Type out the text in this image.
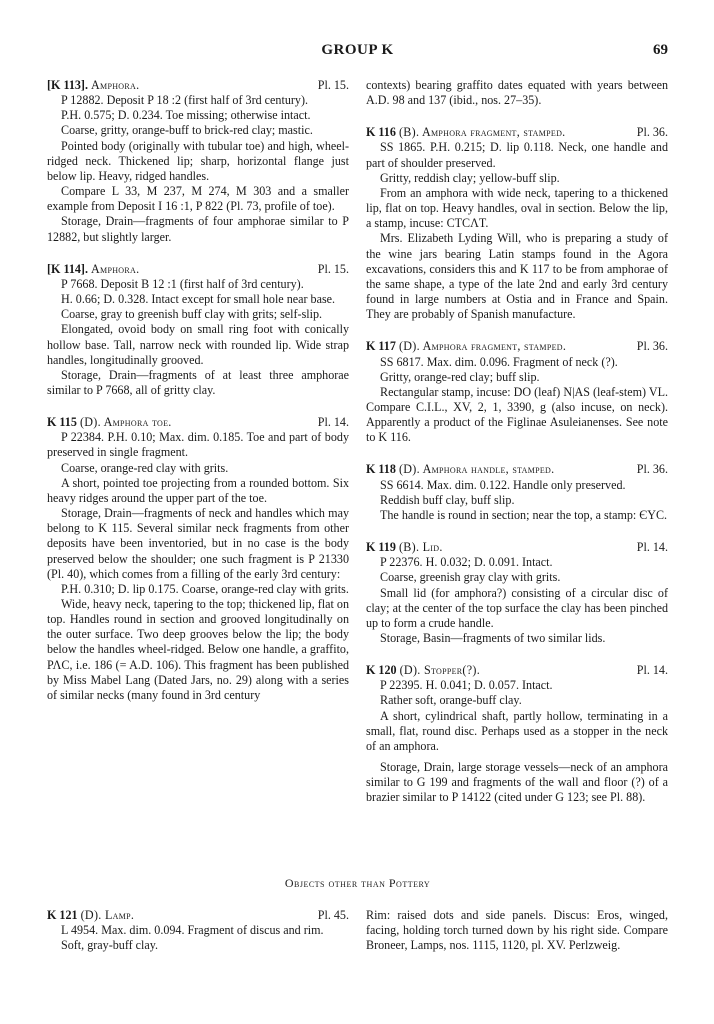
GROUP K	69
[K 113]. Amphora.	Pl. 15.

P 12882. Deposit P 18 :2 (first half of 3rd century).

P.H. 0.575; D. 0.234. Toe missing; otherwise intact.

Coarse, gritty, orange-buff to brick-red clay; mastic.

Pointed body (originally with tubular toe) and high, wheel-ridged neck. Thickened lip; sharp, horizontal flange just below lip. Heavy, ridged handles.

Compare L 33, M 237, M 274, M 303 and a smaller example from Deposit I 16 :1, P 822 (Pl. 73, profile of toe).

Storage, Drain—fragments of four amphorae similar to P 12882, but slightly larger.

[K 114]. Amphora.	Pl. 15.

P 7668. Deposit B 12 :1 (first half of 3rd century).

H. 0.66; D. 0.328. Intact except for small hole near base.

Coarse, gray to greenish buff clay with grits; self-slip.

Elongated, ovoid body on small ring foot with conically hollow base. Tall, narrow neck with rounded lip. Wide strap handles, longitudinally grooved.

Storage, Drain—fragments of at least three amphorae similar to P 7668, all of gritty clay.

K 115 (D). Amphora toe.	Pl. 14.

P 22384. P.H. 0.10; Max. dim. 0.185. Toe and part of body preserved in single fragment.

Coarse, orange-red clay with grits.

A short, pointed toe projecting from a rounded bottom. Six heavy ridges around the upper part of the toe.

Storage, Drain—fragments of neck and handles which may belong to K 115. Several similar neck fragments from other deposits have been inventoried, but in no case is the body preserved below the shoulder; one such fragment is P 21330 (Pl. 40), which comes from a filling of the early 3rd century:

P.H. 0.310; D. lip 0.175. Coarse, orange-red clay with grits.

Wide, heavy neck, tapering to the top; thickened lip, flat on top. Handles round in section and grooved longitudinally on the outer surface. Two deep grooves below the lip; the body below the handles wheel-ridged. Below one handle, a graffito, ΡΛϹ, i.e. 186 (= A.D. 106). This fragment has been published by Miss Mabel Lang (Dated Jars, no. 29) along with a series of similar necks (many found in 3rd century

contexts) bearing graffito dates equated with years between A.D. 98 and 137 (ibid., nos. 27–35).

K 116 (B). Amphora fragment, stamped.	Pl. 36.

SS 1865. P.H. 0.215; D. lip 0.118. Neck, one handle and part of shoulder preserved.

Gritty, reddish clay; yellow-buff slip.

From an amphora with wide neck, tapering to a thickened lip, flat on top. Heavy handles, oval in section. Below the lip, a stamp, incuse: CTCΛT.

Mrs. Elizabeth Lyding Will, who is preparing a study of the wine jars bearing Latin stamps found in the Agora excavations, considers this and K 117 to be from amphorae of the same shape, a type of the late 2nd and early 3rd century found in large numbers at Ostia and in France and Spain. They are probably of Spanish manufacture.

K 117 (D). Amphora fragment, stamped.	Pl. 36.

SS 6817. Max. dim. 0.096. Fragment of neck (?).

Gritty, orange-red clay; buff slip.

Rectangular stamp, incuse: DO (leaf) N|AS (leaf-stem) VL. Compare C.I.L., XV, 2, 1, 3390, g (also incuse, on neck). Apparently a product of the Figlinae Asuleianenses. See note to K 116.

K 118 (D). Amphora handle, stamped.	Pl. 36.

SS 6614. Max. dim. 0.122. Handle only preserved.

Reddish buff clay, buff slip.

The handle is round in section; near the top, a stamp: ЄYC.

K 119 (B). Lid.	Pl. 14.

P 22376. H. 0.032; D. 0.091. Intact.

Coarse, greenish gray clay with grits.

Small lid (for amphora?) consisting of a circular disc of clay; at the center of the top surface the clay has been pinched up to form a crude handle.

Storage, Basin—fragments of two similar lids.

K 120 (D). Stopper(?).	Pl. 14.

P 22395. H. 0.041; D. 0.057. Intact.

Rather soft, orange-buff clay.

A short, cylindrical shaft, partly hollow, terminating in a small, flat, round disc. Perhaps used as a stopper in the neck of an amphora.

Storage, Drain, large storage vessels—neck of an amphora similar to G 199 and fragments of the wall and floor (?) of a brazier similar to P 14122 (cited under G 123; see Pl. 88).

Objects other than Pottery
K 121 (D). Lamp.	Pl. 45.

L 4954. Max. dim. 0.094. Fragment of discus and rim.

Soft, gray-buff clay.

Rim: raised dots and side panels. Discus: Eros, winged, facing, holding torch turned down by his right side. Compare Broneer, Lamps, nos. 1115, 1120, pl. XV. Perlzweig.
